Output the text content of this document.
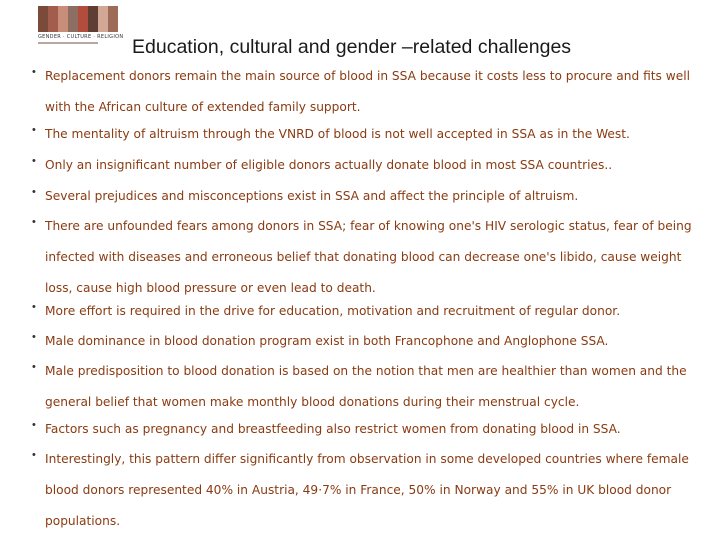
GENDER · CULTURE · RELIGION Education, cultural and gender –related challenges
• Replacement donors remain the main source of blood in SSA because it costs less to procure and fits well with the African culture of extended family support.
• The mentality of altruism through the VNRD of blood is not well accepted in SSA as in the West.
• Only an insignificant number of eligible donors actually donate blood in most SSA countries..
• Several prejudices and misconceptions exist in SSA and affect the principle of altruism.
• There are unfounded fears among donors in SSA; fear of knowing one's HIV serologic status, fear of being infected with diseases and erroneous belief that donating blood can decrease one's libido, cause weight loss, cause high blood pressure or even lead to death.
• More effort is required in the drive for education, motivation and recruitment of regular donor.
• Male dominance in blood donation program exist in both Francophone and Anglophone SSA.
• Male predisposition to blood donation is based on the notion that men are healthier than women and the general belief that women make monthly blood donations during their menstrual cycle.
• Factors such as pregnancy and breastfeeding also restrict women from donating blood in SSA.
• Interestingly, this pattern differ significantly from observation in some developed countries where female blood donors represented 40% in Austria, 49·7% in France, 50% in Norway and 55% in UK blood donor populations.
